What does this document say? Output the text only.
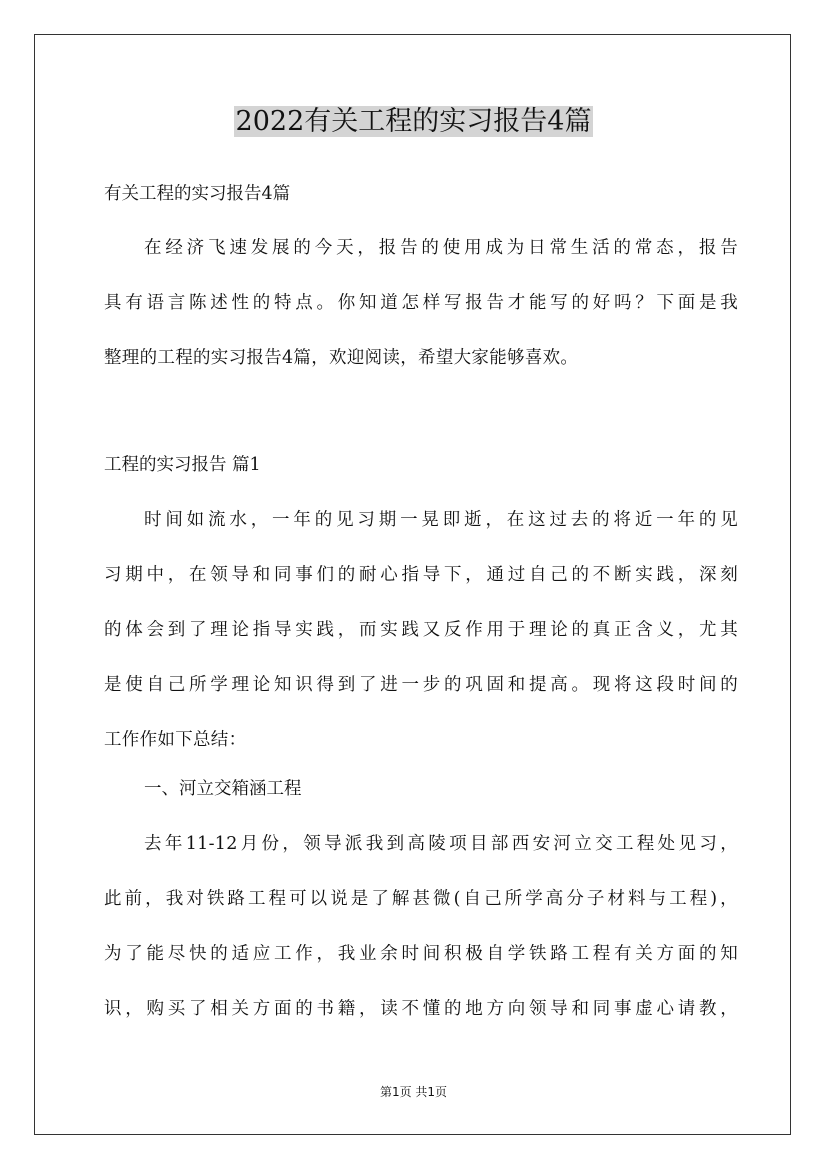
2022有关工程的实习报告4篇
有关工程的实习报告4篇
在经济飞速发展的今天，报告的使用成为日常生活的常态，报告
具有语言陈述性的特点。你知道怎样写报告才能写的好吗？下面是我
整理的工程的实习报告4篇，欢迎阅读，希望大家能够喜欢。
工程的实习报告 篇1
时间如流水，一年的见习期一晃即逝，在这过去的将近一年的见
习期中，在领导和同事们的耐心指导下，通过自己的不断实践，深刻
的体会到了理论指导实践，而实践又反作用于理论的真正含义，尤其
是使自己所学理论知识得到了进一步的巩固和提高。现将这段时间的
工作作如下总结：
一、河立交箱涵工程
去年11-12月份，领导派我到高陵项目部西安河立交工程处见习，
此前，我对铁路工程可以说是了解甚微(自己所学高分子材料与工程)，
为了能尽快的适应工作，我业余时间积极自学铁路工程有关方面的知
识，购买了相关方面的书籍，读不懂的地方向领导和同事虚心请教，
第1页 共1页
